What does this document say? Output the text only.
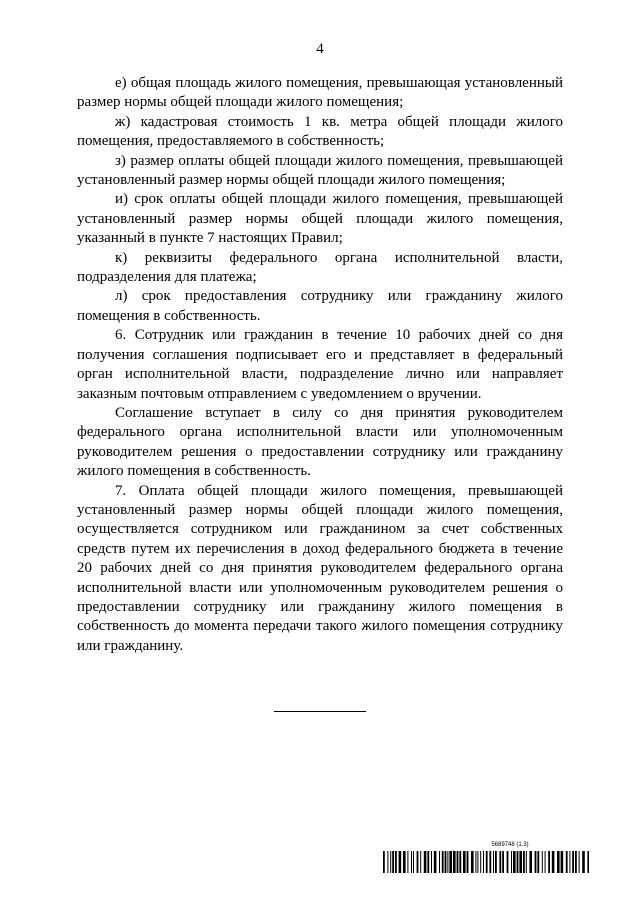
4

е) общая площадь жилого помещения, превышающая установленный размер нормы общей площади жилого помещения;

ж) кадастровая стоимость 1 кв. метра общей площади жилого помещения, предоставляемого в собственность;

з) размер оплаты общей площади жилого помещения, превышающей установленный размер нормы общей площади жилого помещения;

и) срок оплаты общей площади жилого помещения, превышающей установленный размер нормы общей площади жилого помещения, указанный в пункте 7 настоящих Правил;

к) реквизиты федерального органа исполнительной власти, подразделения для платежа;

л) срок предоставления сотруднику или гражданину жилого помещения в собственность.

6. Сотрудник или гражданин в течение 10 рабочих дней со дня получения соглашения подписывает его и представляет в федеральный орган исполнительной власти, подразделение лично или направляет заказным почтовым отправлением с уведомлением о вручении.

Соглашение вступает в силу со дня принятия руководителем федерального органа исполнительной власти или уполномоченным руководителем решения о предоставлении сотруднику или гражданину жилого помещения в собственность.

7. Оплата общей площади жилого помещения, превышающей установленный размер нормы общей площади жилого помещения, осуществляется сотрудником или гражданином за счет собственных средств путем их перечисления в доход федерального бюджета в течение 20 рабочих дней со дня принятия руководителем федерального органа исполнительной власти или уполномоченным руководителем решения о предоставлении сотруднику или гражданину жилого помещения в собственность до момента передачи такого жилого помещения сотруднику или гражданину.

5689748 (1.3)
